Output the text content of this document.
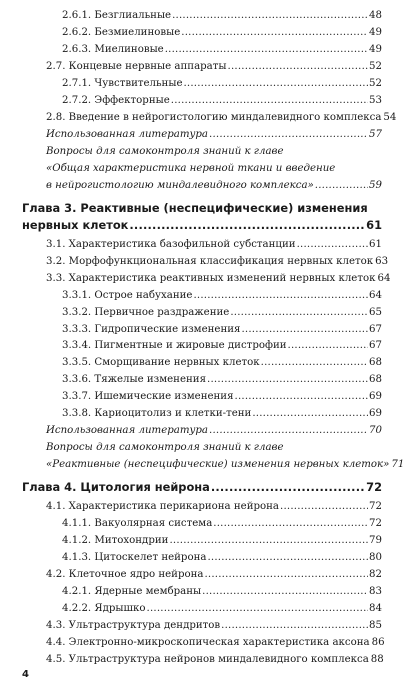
2.6.1. Безглиальные .....	48
2.6.2. Безмиелиновые .....	49
2.6.3. Миелиновые .....	49
2.7. Концевые нервные аппараты .....	52
2.7.1. Чувствительные .....	52
2.7.2. Эффекторные .....	53
2.8. Введение в нейрогистологию миндалевидного комплекса 54
Использованная литература .....	57
Вопросы для самоконтроля знаний к главе
«Общая характеристика нервной ткани и введение
в нейрогистологию миндалевидного комплекса» .....	59
Глава 3. Реактивные (неспецифические) изменения
нервных клеток .....	61
3.1. Характеристика базофильной субстанции .....	61
3.2. Морфофункциональная классификация нервных клеток 63
3.3. Характеристика реактивных изменений нервных клеток 64
3.3.1. Острое набухание .....	64
3.3.2. Первичное раздражение .....	65
3.3.3. Гидропические изменения .....	67
3.3.4. Пигментные и жировые дистрофии .....	67
3.3.5. Сморщивание нервных клеток .....	68
3.3.6. Тяжелые изменения .....	68
3.3.7. Ишемические изменения .....	69
3.3.8. Кариоцитолиз и клетки-тени .....	69
Использованная литература .....	70
Вопросы для самоконтроля знаний к главе
«Реактивные (неспецифические) изменения нервных клеток» 71
Глава 4. Цитология нейрона .....	72
4.1. Характеристика перикариона нейрона .....	72
4.1.1. Вакуолярная система .....	72
4.1.2. Митохондрии .....	79
4.1.3. Цитоскелет нейрона .....	80
4.2. Клеточное ядро нейрона .....	82
4.2.1. Ядерные мембраны .....	83
4.2.2. Ядрышко .....	84
4.3. Ультраструктура дендритов .....	85
4.4. Электронно-микроскопическая характеристика аксона 86
4.5. Ультраструктура нейронов миндалевидного комплекса 88
4
